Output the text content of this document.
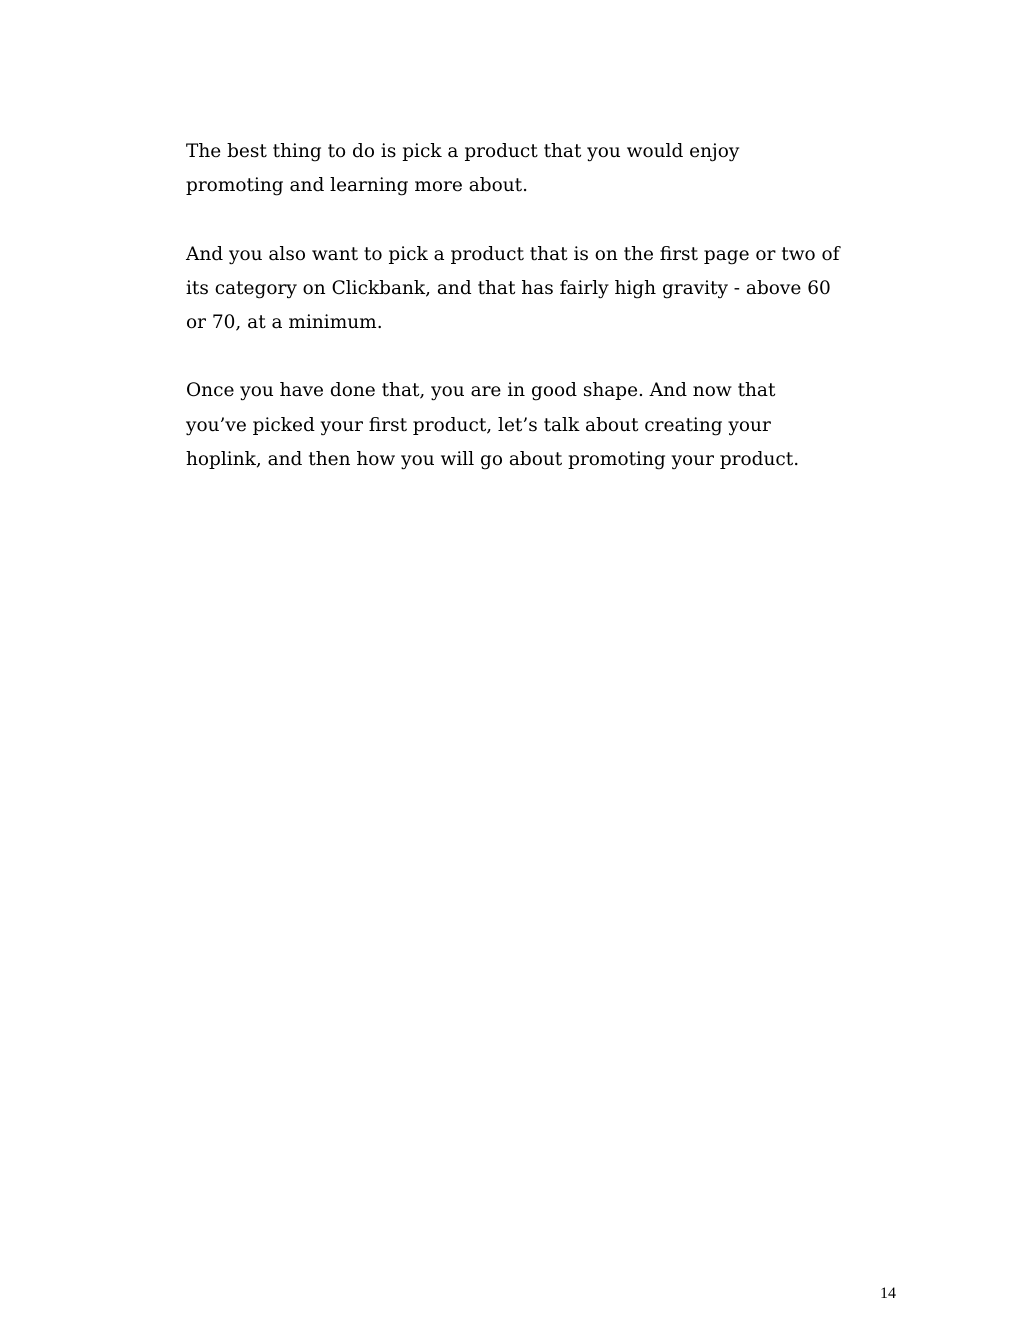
The best thing to do is pick a product that you would enjoy
promoting and learning more about.

And you also want to pick a product that is on the first page or two of
its category on Clickbank, and that has fairly high gravity - above 60
or 70, at a minimum.

Once you have done that, you are in good shape. And now that
you’ve picked your first product, let’s talk about creating your
hoplink, and then how you will go about promoting your product.

14
